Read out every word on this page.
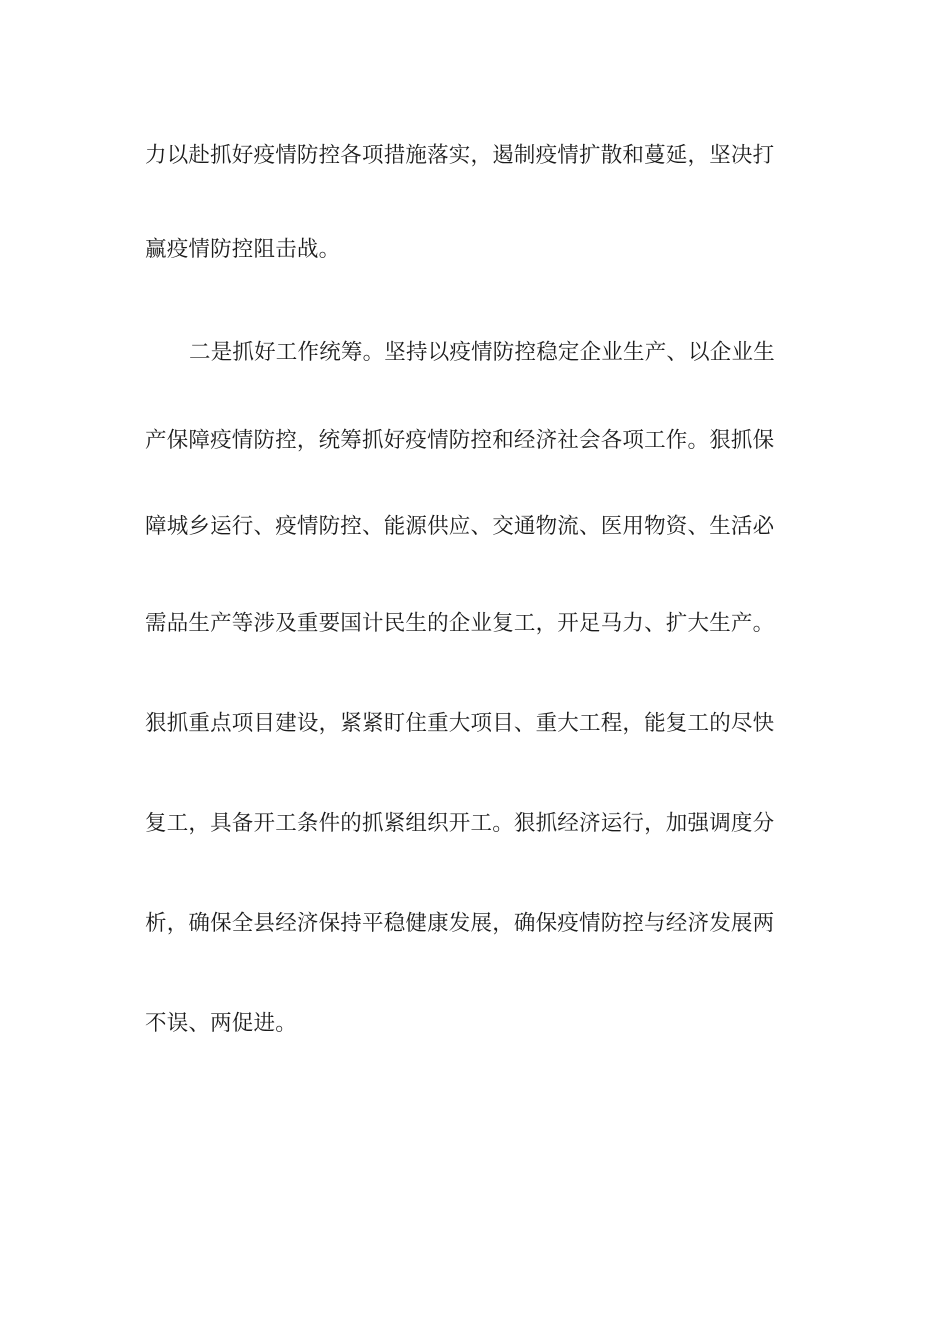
力以赴抓好疫情防控各项措施落实，遏制疫情扩散和蔓延，坚决打
赢疫情防控阻击战。
二是抓好工作统筹。坚持以疫情防控稳定企业生产、以企业生
产保障疫情防控，统筹抓好疫情防控和经济社会各项工作。狠抓保
障城乡运行、疫情防控、能源供应、交通物流、医用物资、生活必
需品生产等涉及重要国计民生的企业复工，开足马力、扩大生产。
狠抓重点项目建设，紧紧盯住重大项目、重大工程，能复工的尽快
复工，具备开工条件的抓紧组织开工。狠抓经济运行，加强调度分
析，确保全县经济保持平稳健康发展，确保疫情防控与经济发展两
不误、两促进。
